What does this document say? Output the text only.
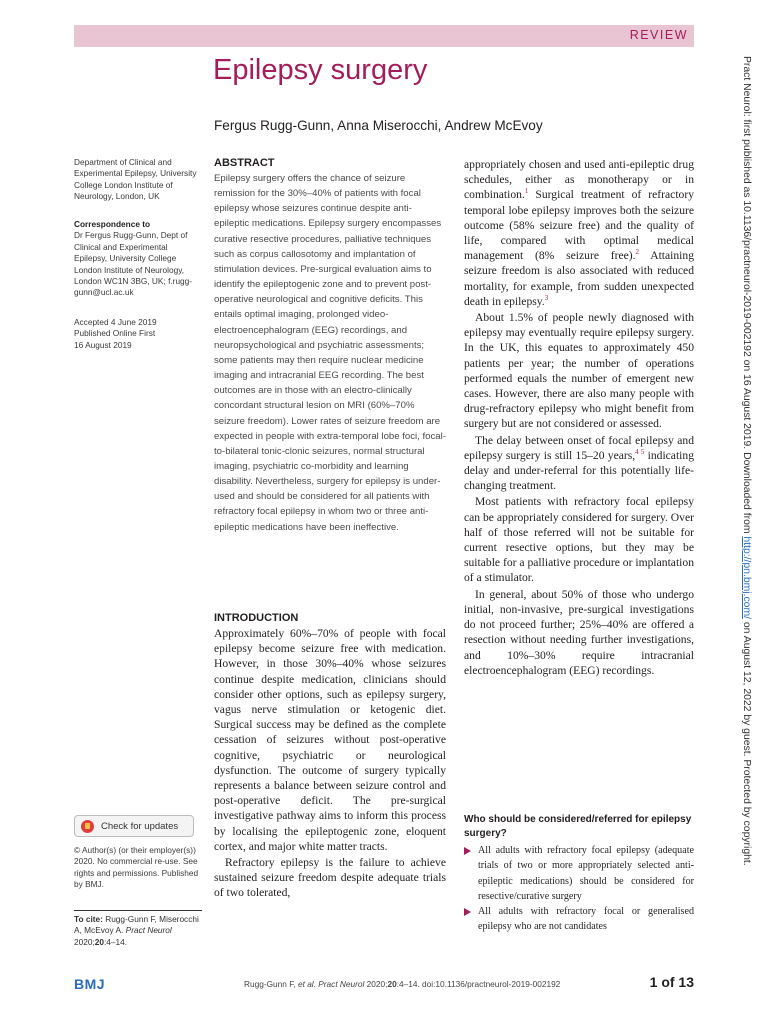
REVIEW
Epilepsy surgery
Fergus Rugg-Gunn, Anna Miserocchi, Andrew McEvoy
Department of Clinical and Experimental Epilepsy, University College London Institute of Neurology, London, UK
Correspondence to
Dr Fergus Rugg-Gunn, Dept of Clinical and Experimental Epilepsy, University College London Institute of Neurology, London WC1N 3BG, UK; f.rugg-gunn@ucl.ac.uk
Accepted 4 June 2019
Published Online First
16 August 2019
Check for updates
© Author(s) (or their employer(s)) 2020. No commercial re-use. See rights and permissions. Published by BMJ.
To cite: Rugg-Gunn F, Miserocchi A, McEvoy A. Pract Neurol 2020;20:4–14.
ABSTRACT

Epilepsy surgery offers the chance of seizure remission for the 30%–40% of patients with focal epilepsy whose seizures continue despite anti-epileptic medications. Epilepsy surgery encompasses curative resective procedures, palliative techniques such as corpus callosotomy and implantation of stimulation devices. Pre-surgical evaluation aims to identify the epileptogenic zone and to prevent post-operative neurological and cognitive deficits. This entails optimal imaging, prolonged video-electroencephalogram (EEG) recordings, and neuropsychological and psychiatric assessments; some patients may then require nuclear medicine imaging and intracranial EEG recording. The best outcomes are in those with an electro-clinically concordant structural lesion on MRI (60%–70% seizure freedom). Lower rates of seizure freedom are expected in people with extra-temporal lobe foci, focal-to-bilateral tonic-clonic seizures, normal structural imaging, psychiatric co-morbidity and learning disability. Nevertheless, surgery for epilepsy is under-used and should be considered for all patients with refractory focal epilepsy in whom two or three anti-epileptic medications have been ineffective.

INTRODUCTION

Approximately 60%–70% of people with focal epilepsy become seizure free with medication. However, in those 30%–40% whose seizures continue despite medication, clinicians should consider other options, such as epilepsy surgery, vagus nerve stimulation or ketogenic diet. Surgical success may be defined as the complete cessation of seizures without post-operative cognitive, psychiatric or neurological dysfunction. The outcome of surgery typically represents a balance between seizure control and post-operative deficit. The pre-surgical investigative pathway aims to inform this process by localising the epileptogenic zone, eloquent cortex, and major white matter tracts.

Refractory epilepsy is the failure to achieve sustained seizure freedom despite adequate trials of two tolerated,

appropriately chosen and used anti-epileptic drug schedules, either as monotherapy or in combination.$^1$ Surgical treatment of refractory temporal lobe epilepsy improves both the seizure outcome (58% seizure free) and the quality of life, compared with optimal medical management (8% seizure free).$^2$ Attaining seizure freedom is also associated with reduced mortality, for example, from sudden unexpected death in epilepsy.$^3$

About 1.5% of people newly diagnosed with epilepsy may eventually require epilepsy surgery. In the UK, this equates to approximately 450 patients per year; the number of operations performed equals the number of emergent new cases. However, there are also many people with drug-refractory epilepsy who might benefit from surgery but are not considered or assessed.

The delay between onset of focal epilepsy and epilepsy surgery is still 15–20 years,$^{4 5}$ indicating delay and under-referral for this potentially life-changing treatment.

Most patients with refractory focal epilepsy can be appropriately considered for surgery. Over half of those referred will not be suitable for current resective options, but they may be suitable for a palliative procedure or implantation of a stimulator.

In general, about 50% of those who undergo initial, non-invasive, pre-surgical investigations do not proceed further; 25%–40% are offered a resection without needing further investigations, and 10%–30% require intracranial electroencephalogram (EEG) recordings.

Who should be considered/referred for epilepsy surgery?

All adults with refractory focal epilepsy (adequate trials of two or more appropriately selected anti-epileptic medications) should be considered for resective/curative surgery

All adults with refractory focal or generalised epilepsy who are not candidates

BMJ	Rugg-Gunn F, et al. Pract Neurol 2020;20:4–14. doi:10.1136/practneurol-2019-002192	1 of 13
Pract Neurol: first published as 10.1136/practneurol-2019-002192 on 16 August 2019. Downloaded from http://pn.bmj.com/ on August 12, 2022 by guest. Protected by copyright.
